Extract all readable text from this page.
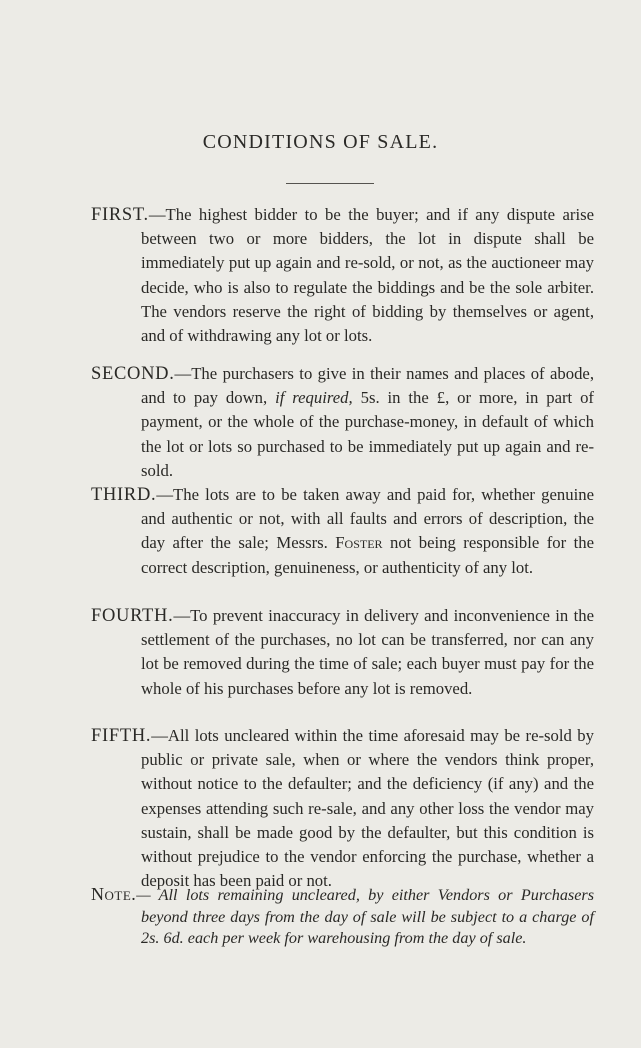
CONDITIONS OF SALE.

FIRST.—The highest bidder to be the buyer; and if any dispute arise between two or more bidders, the lot in dispute shall be immediately put up again and re-sold, or not, as the auctioneer may decide, who is also to regulate the biddings and be the sole arbiter. The vendors reserve the right of bidding by themselves or agent, and of withdrawing any lot or lots.

SECOND.—The purchasers to give in their names and places of abode, and to pay down, if required, 5s. in the £, or more, in part of payment, or the whole of the purchase-money, in default of which the lot or lots so purchased to be immediately put up again and re-sold.

THIRD.—The lots are to be taken away and paid for, whether genuine and authentic or not, with all faults and errors of description, the day after the sale; Messrs. Foster not being responsible for the correct description, genuineness, or authenticity of any lot.

FOURTH.—To prevent inaccuracy in delivery and inconvenience in the settlement of the purchases, no lot can be transferred, nor can any lot be removed during the time of sale; each buyer must pay for the whole of his purchases before any lot is removed.

FIFTH.—All lots uncleared within the time aforesaid may be re-sold by public or private sale, when or where the vendors think proper, without notice to the defaulter; and the deficiency (if any) and the expenses attending such re-sale, and any other loss the vendor may sustain, shall be made good by the defaulter, but this condition is without prejudice to the vendor enforcing the purchase, whether a deposit has been paid or not.

Note.— All lots remaining uncleared, by either Vendors or Purchasers beyond three days from the day of sale will be subject to a charge of 2s. 6d. each per week for warehousing from the day of sale.
